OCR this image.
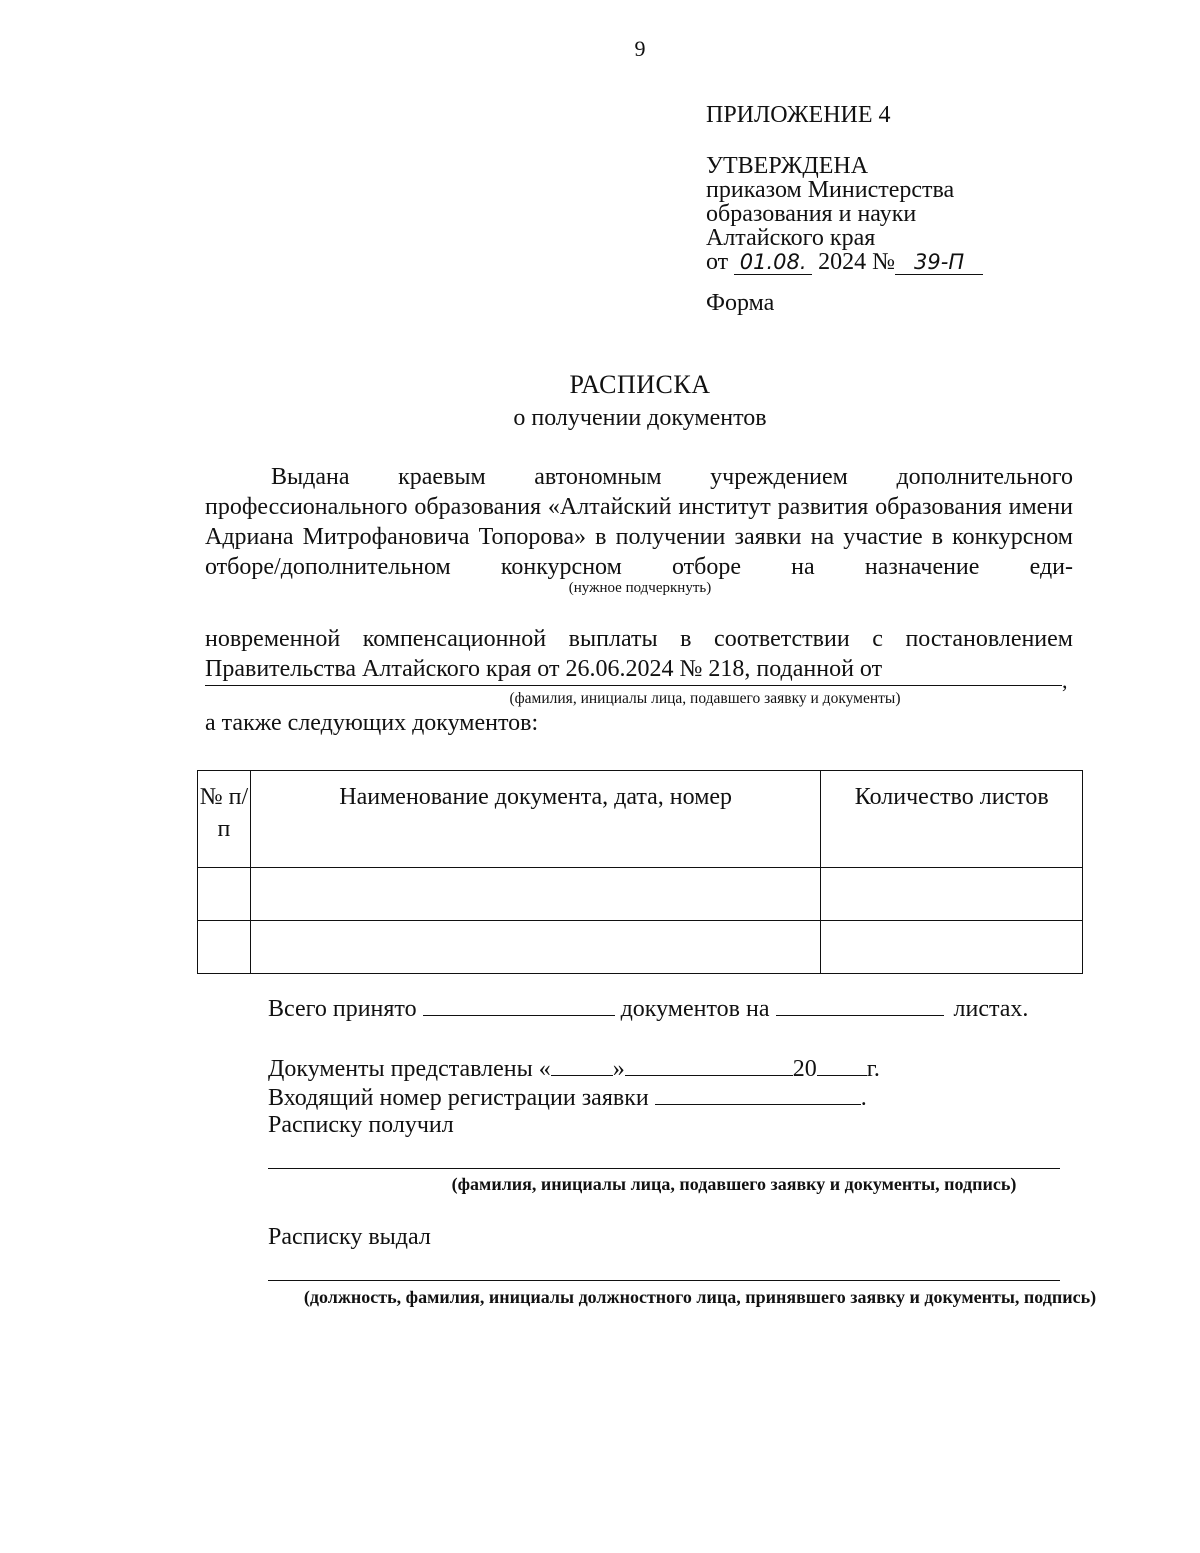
9
ПРИЛОЖЕНИЕ 4
УТВЕРЖДЕНА
приказом Министерства
образования и науки
Алтайского края
от 01.08. 2024 № 39-П
Форма
РАСПИСКА
о получении документов

Выдана краевым автономным учреждением дополнительного профессионального образования «Алтайский институт развития образования имени Адриана Митрофановича Топорова» в получении заявки на участие в конкурсном отборе/дополнительном конкурсном отборе на назначение еди-

(нужное подчеркнуть)

новременной компенсационной выплаты в соответствии с постановлением Правительства Алтайского края от 26.06.2024 № 218, поданной от	,
(фамилия, инициалы лица, подавшего заявку и документы)
а также следующих документов:
№ п/п	Наименование документа, дата, номер	Количество листов

Всего принято	документов на	листах.
Документы представлены «	»	20 г.
Входящий номер регистрации заявки	.
Расписку получил
(фамилия, инициалы лица, подавшего заявку и документы, подпись)
Расписку выдал
(должность, фамилия, инициалы должностного лица, принявшего заявку и документы, подпись)
